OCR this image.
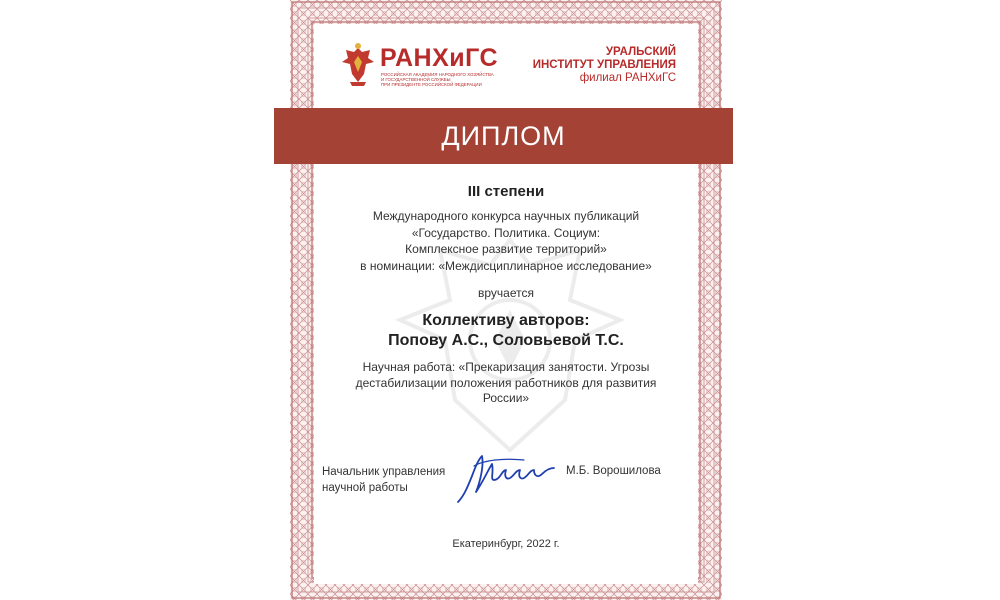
РАНХиГС
РОССИЙСКАЯ АКАДЕМИЯ НАРОДНОГО ХОЗЯЙСТВА
И ГОСУДАРСТВЕННОЙ СЛУЖБЫ
ПРИ ПРЕЗИДЕНТЕ РОССИЙСКОЙ ФЕДЕРАЦИИ
УРАЛЬСКИЙ
ИНСТИТУТ УПРАВЛЕНИЯ
филиал РАНХиГС
ДИПЛОМ
III степени
Международного конкурса научных публикаций
«Государство. Политика. Социум:
Комплексное развитие территорий»
в номинации: «Междисциплинарное исследование»
вручается
Коллективу авторов:
Попову А.С., Соловьевой Т.С.
Научная работа: «Прекаризация занятости. Угрозы
дестабилизации положения работников для развития
России»
Начальник управления
научной работы
М.Б. Ворошилова
Екатеринбург, 2022 г.
